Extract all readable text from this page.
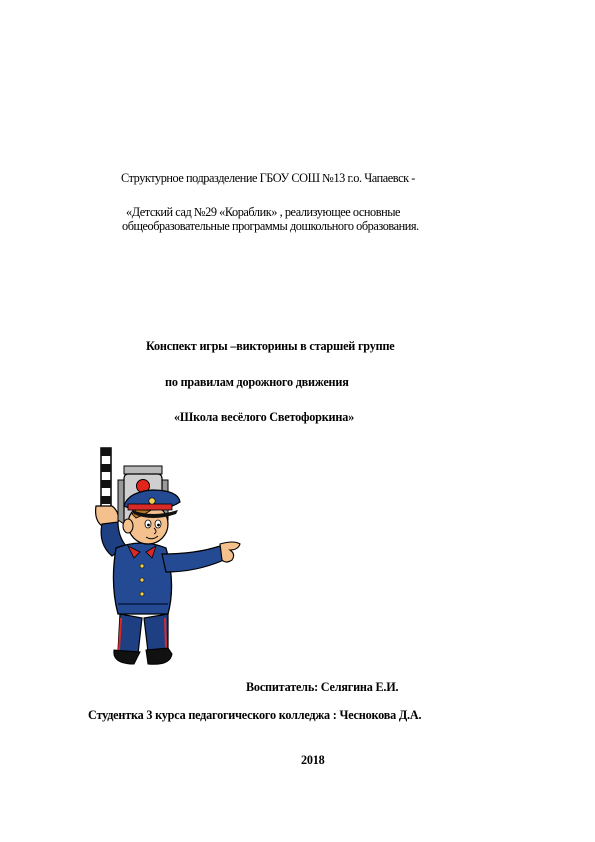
Структурное подразделение ГБОУ СОШ №13 г.о. Чапаевск -
«Детский сад №29 «Кораблик» , реализующее основные
общеобразовательные программы дошкольного образования.
Конспект игры –викторины в старшей группе
по правилам дорожного движения
«Школа весёлого Светофоркина»
Воспитатель: Селягина Е.И.
Студентка 3 курса педагогического колледжа : Чеснокова Д.А.
2018
